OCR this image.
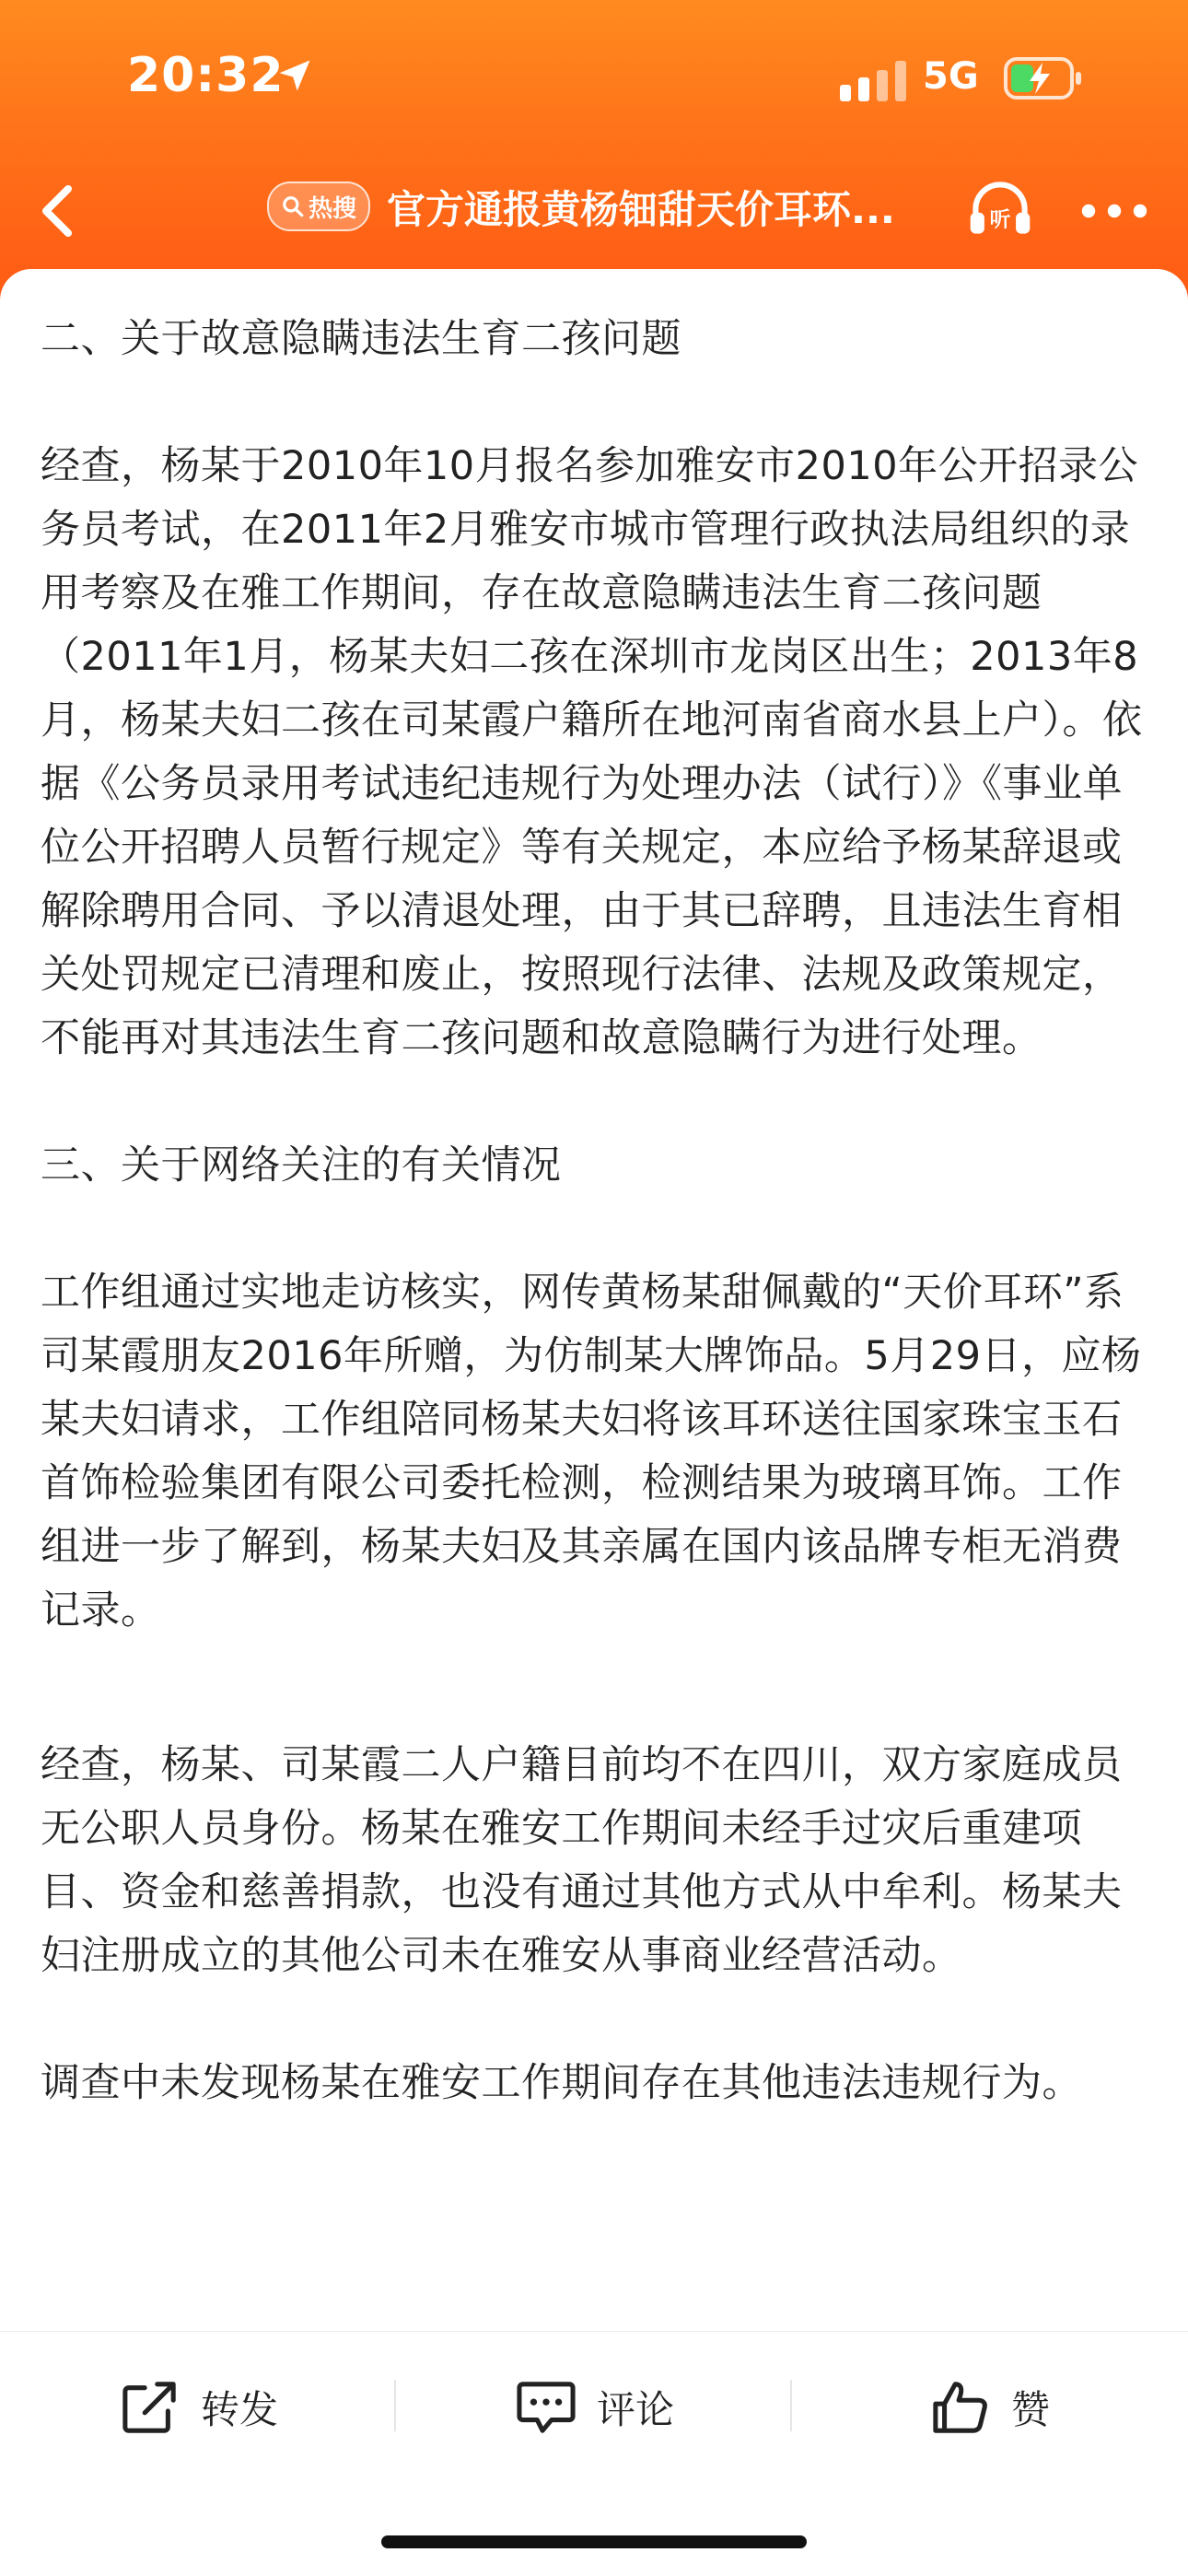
20:32	5G
热搜 官方通报黄杨钿甜天价耳环...	听

二、关于故意隐瞒违法生育二孩问题

经查，杨某于2010年10月报名参加雅安市2010年公开招录公务员考试，在2011年2月雅安市城市管理行政执法局组织的录用考察及在雅工作期间，存在故意隐瞒违法生育二孩问题（2011年1月，杨某夫妇二孩在深圳市龙岗区出生；2013年8月，杨某夫妇二孩在司某霞户籍所在地河南省商水县上户）。依据《公务员录用考试违纪违规行为处理办法（试行）》《事业单位公开招聘人员暂行规定》等有关规定，本应给予杨某辞退或解除聘用合同、予以清退处理，由于其已辞聘，且违法生育相关处罚规定已清理和废止，按照现行法律、法规及政策规定，不能再对其违法生育二孩问题和故意隐瞒行为进行处理。

三、关于网络关注的有关情况

工作组通过实地走访核实，网传黄杨某甜佩戴的“天价耳环”系司某霞朋友2016年所赠，为仿制某大牌饰品。5月29日，应杨某夫妇请求，工作组陪同杨某夫妇将该耳环送往国家珠宝玉石首饰检验集团有限公司委托检测，检测结果为玻璃耳饰。工作组进一步了解到，杨某夫妇及其亲属在国内该品牌专柜无消费记录。

经查，杨某、司某霞二人户籍目前均不在四川，双方家庭成员无公职人员身份。杨某在雅安工作期间未经手过灾后重建项目、资金和慈善捐款，也没有通过其他方式从中牟利。杨某夫妇注册成立的其他公司未在雅安从事商业经营活动。

调查中未发现杨某在雅安工作期间存在其他违法违规行为。

转发	评论	赞
